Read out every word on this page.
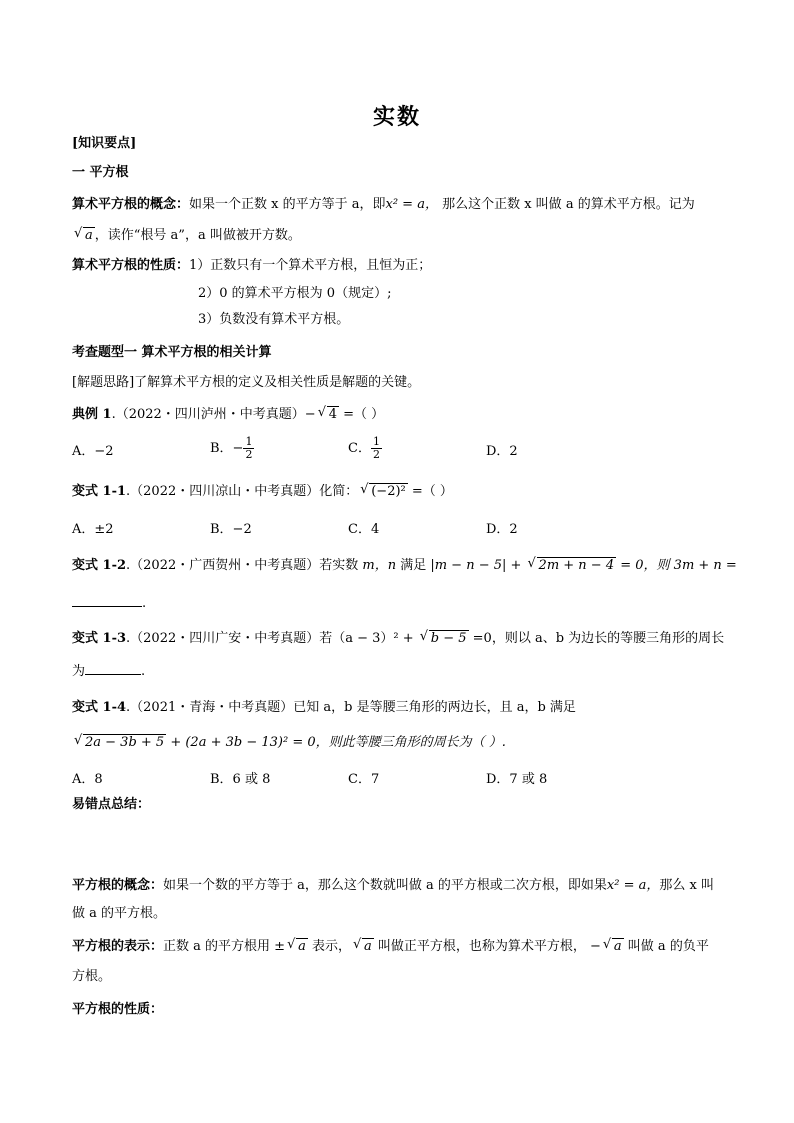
实数
[知识要点]
一 平方根
算术平方根的概念：如果一个正数 x 的平方等于 a，即x² = a， 那么这个正数 x 叫做 a 的算术平方根。记为
√ a ，读作“根号 a”，a 叫做被开方数。
算术平方根的性质：1）正数只有一个算术平方根，且恒为正；
2）0 的算术平方根为 0（规定）;
3）负数没有算术平方根。
考查题型一 算术平方根的相关计算
[解题思路]了解算术平方根的定义及相关性质是解题的关键。
典例 1.（2022・四川泸州・中考真题）− √ 4 =（ ）
A．−2	B．− $\frac{1}{2}$	C． $\frac{1}{2}$	D．2
变式 1-1.（2022・四川凉山・中考真题）化简： √ (−2)² =（ ）
A．±2	B．−2	C．4	D．2
变式 1-2.（2022・广西贺州・中考真题）若实数 m，n 满足 |m − n − 5| + √ 2m + n − 4 = 0，则 3m + n =
.
变式 1-3.（2022・四川广安・中考真题）若（a − 3）² + √ b − 5 =0，则以 a、b 为边长的等腰三角形的周长
为	.
变式 1-4.（2021・青海・中考真题）已知 a，b 是等腰三角形的两边长，且 a，b 满足
√ 2a − 3b + 5 + (2a + 3b − 13)² = 0，则此等腰三角形的周长为（ ）.
A．8	B．6 或 8	C．7	D．7 或 8
易错点总结：
平方根的概念：如果一个数的平方等于 a，那么这个数就叫做 a 的平方根或二次方根，即如果x² = a，那么 x 叫
做 a 的平方根。
平方根的表示：正数 a 的平方根用 ± √ a 表示， √ a 叫做正平方根，也称为算术平方根， − √ a 叫做 a 的负平
方根。
平方根的性质：
